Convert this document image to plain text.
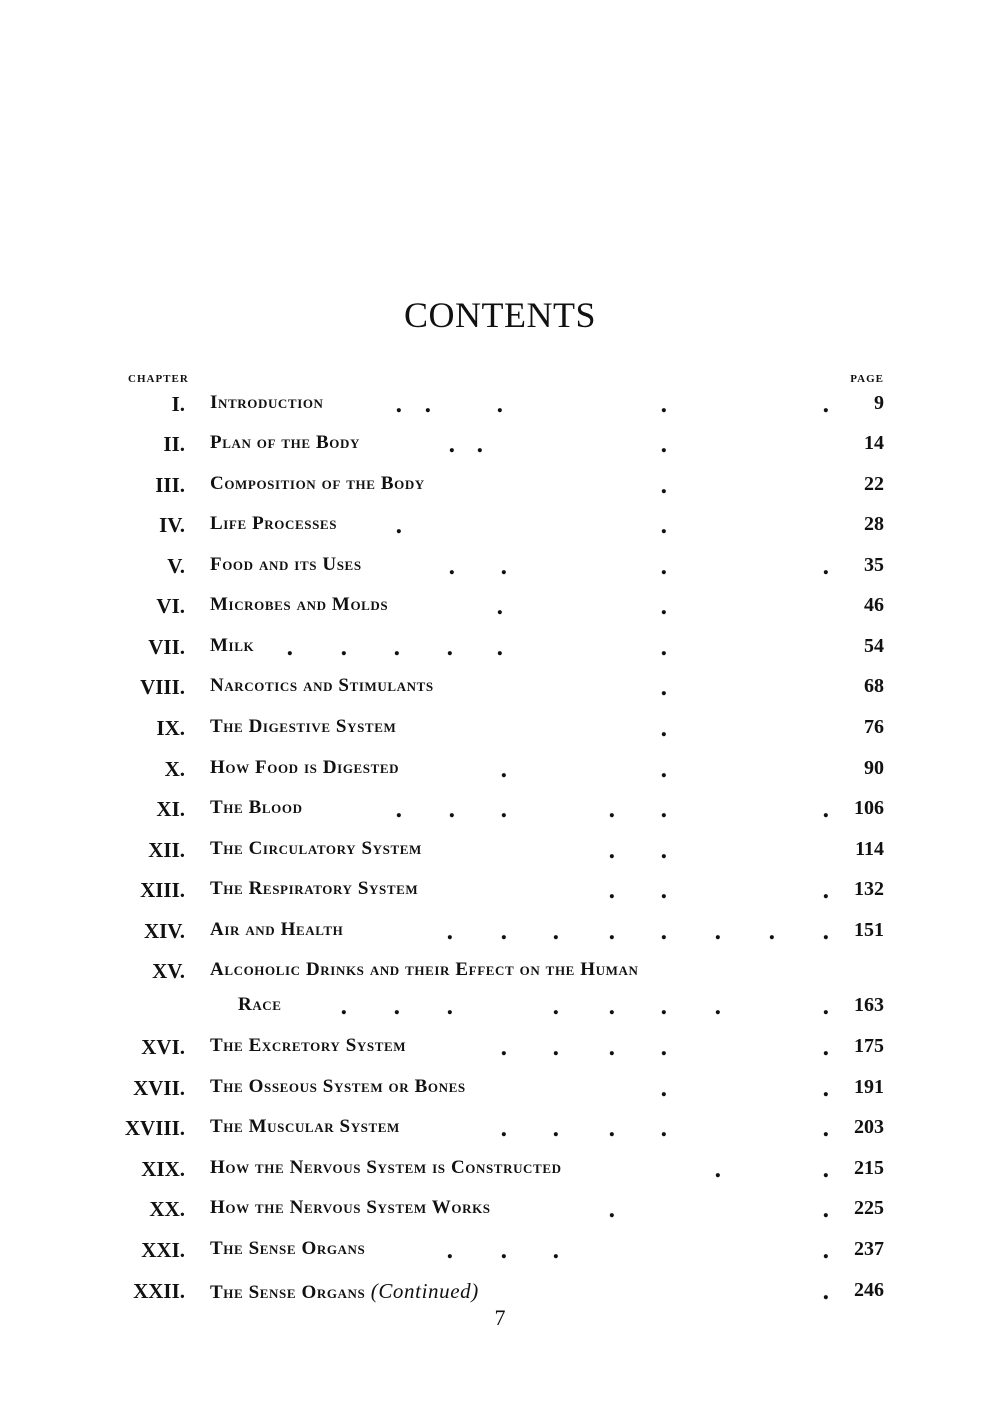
CONTENTS
CHAPTER	PAGE
I. Introduction	. .	.	.	. 9
II. Plan of the Body	. .	.	14
III. Composition of the Body	.	22
IV. Life Processes	.	.	28
V. Food and its Uses	. .	.	. 35
VI. Microbes and Molds	.	.	46
VII. Milk . . . . .	.	54
VIII. Narcotics and Stimulants	.	68
IX. The Digestive System	.	76
X. How Food is Digested	.	.	90
XI. The Blood	. . .	. .	. 106
XII. The Circulatory System	. .	114
XIII. The Respiratory System	. .	. 132
XIV. Air and Health	. . . . . . . . 151
XV. Alcoholic Drinks and their Effect on the Human
Race	. . .	. . . .	. 163
XVI. The Excretory System	. . . .	. 175
XVII. The Osseous System or Bones	.	. 191
XVIII. The Muscular System	. . . .	. 203
XIX. How the Nervous System is Constructed	.	. 215
XX. How the Nervous System Works	.	. 225
XXI. The Sense Organs	. . .	. 237
XXII. The Sense Organs (Continued)	. 246
7
